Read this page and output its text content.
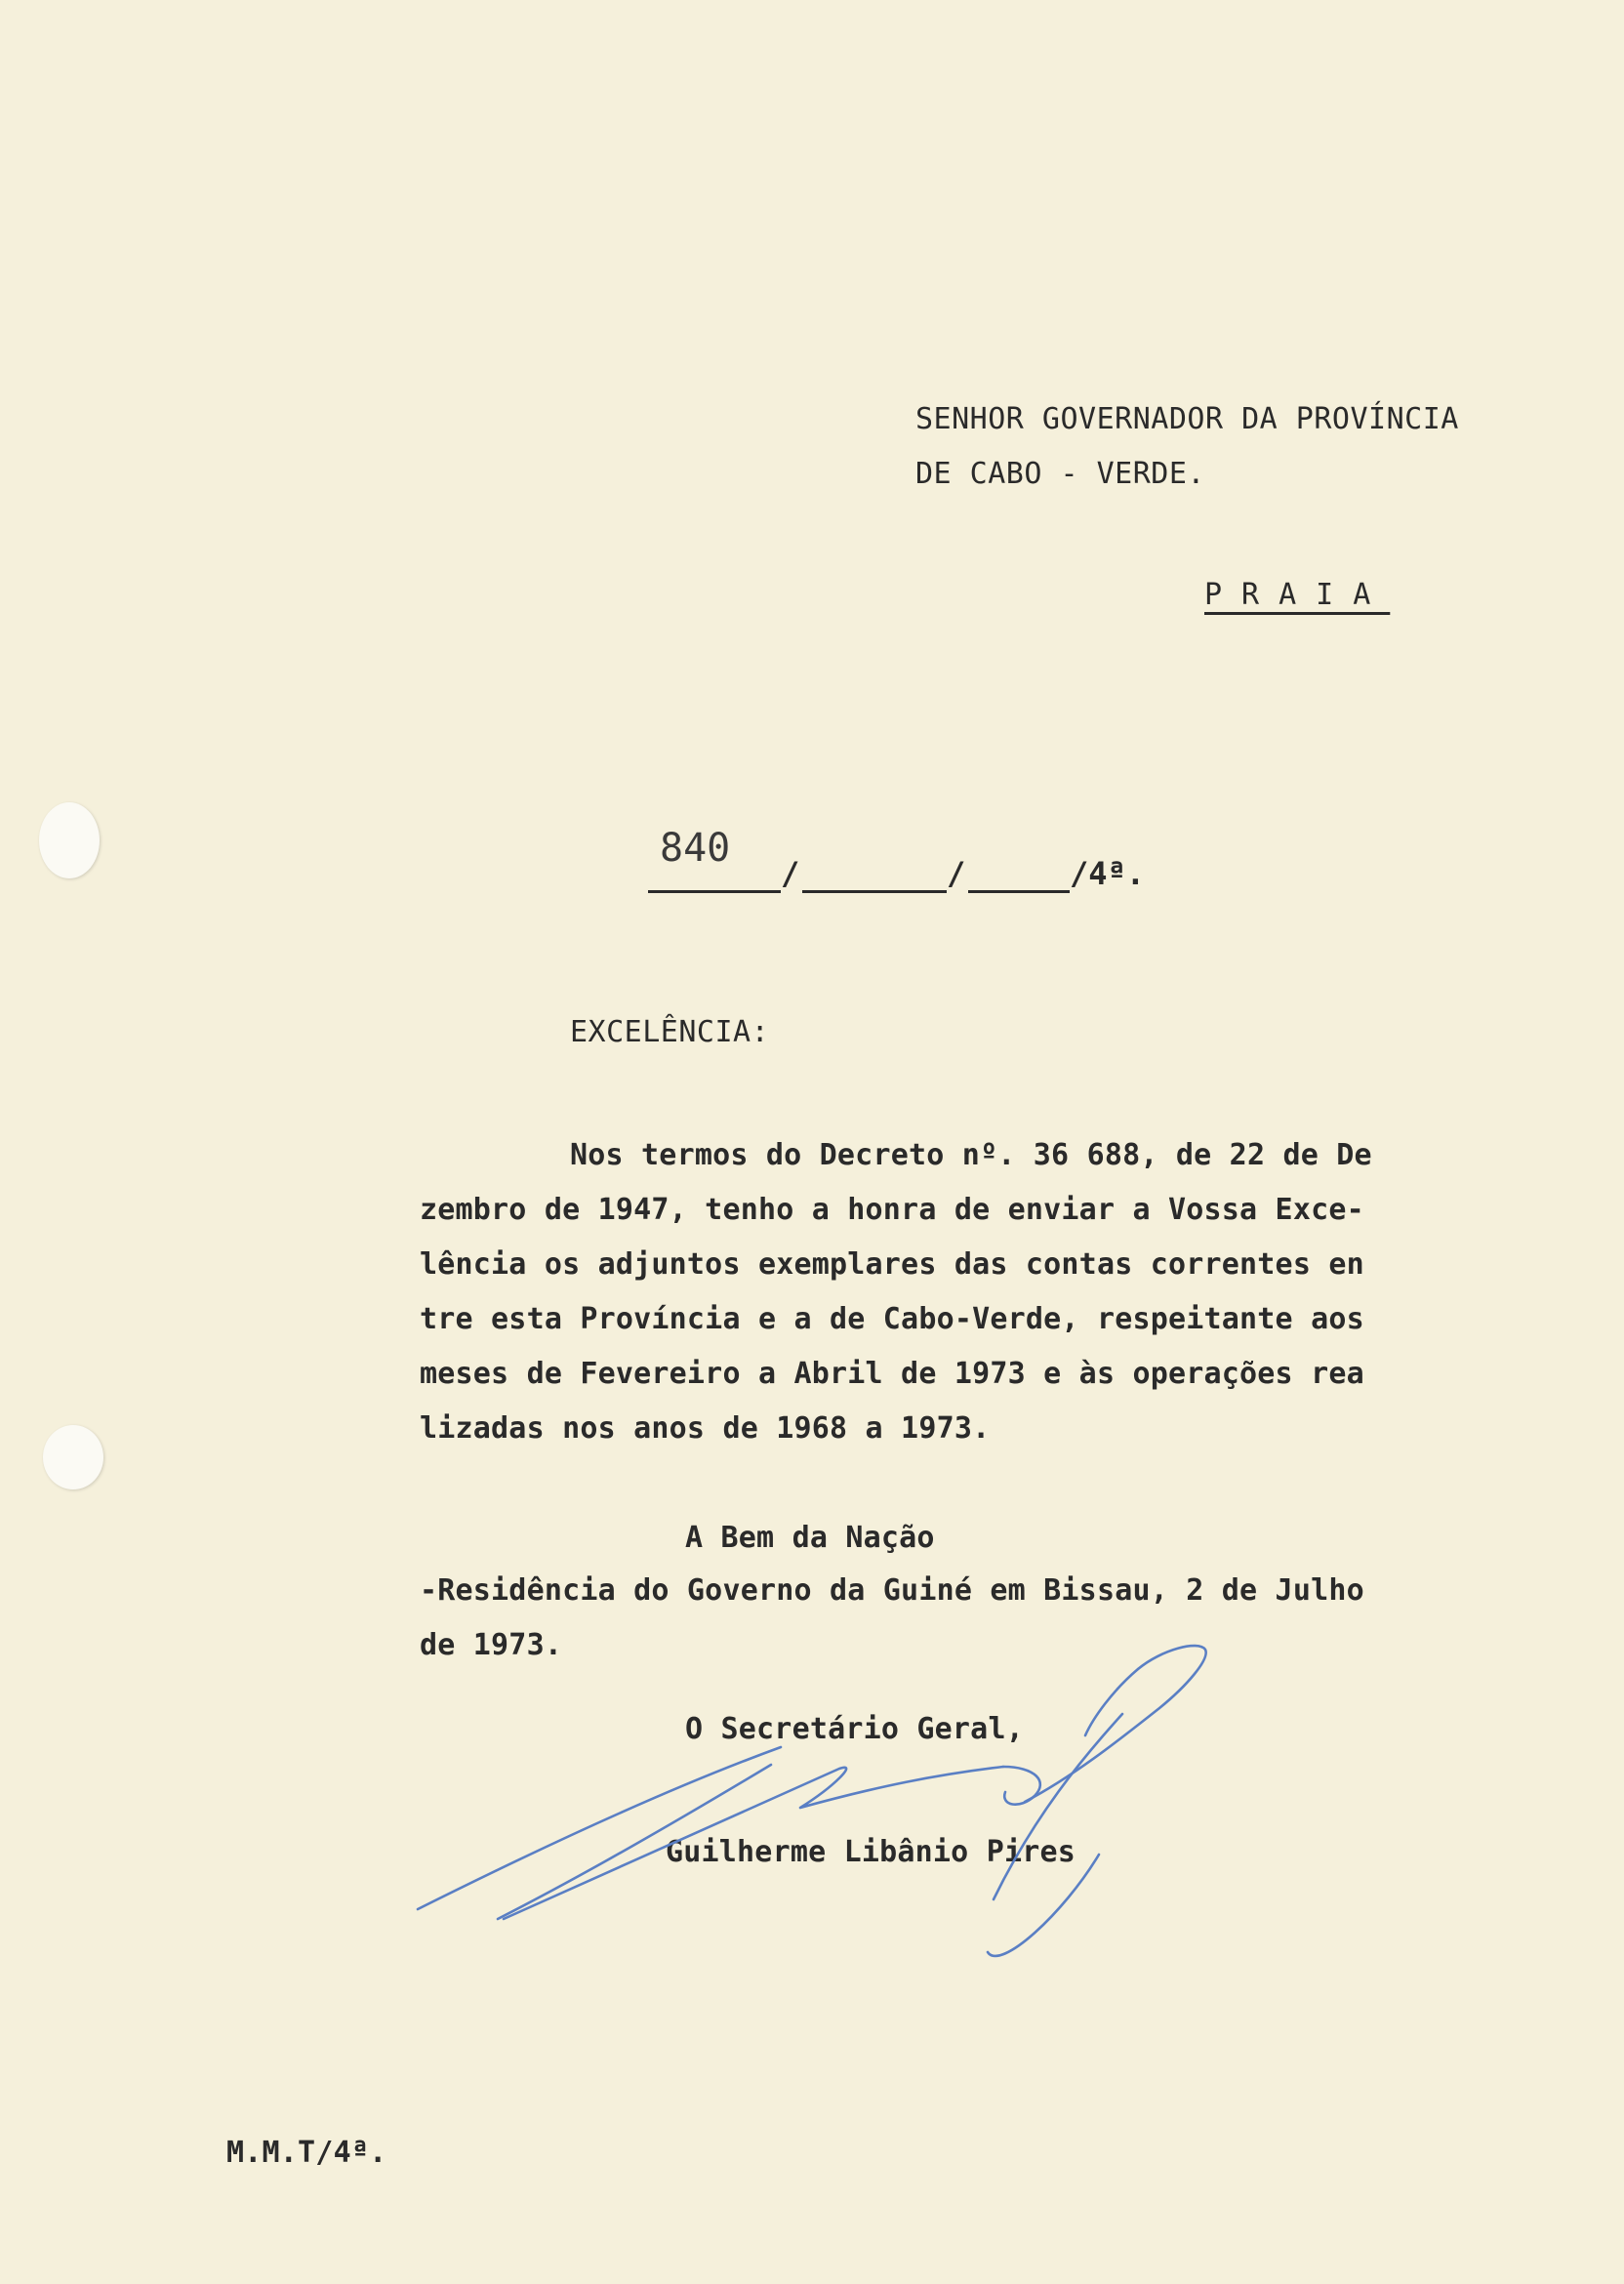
SENHOR GOVERNADOR DA PROVÍNCIA
DE CABO - VERDE.
PRAIA
840
/	/	/4ª.
EXCELÊNCIA:
Nos termos do Decreto nº. 36 688, de 22 de De
zembro de 1947, tenho a honra de enviar a Vossa Exce-
lência os adjuntos exemplares das contas correntes en
tre esta Província e a de Cabo-Verde, respeitante aos
meses de Fevereiro a Abril de 1973 e às operações rea
lizadas nos anos de 1968 a 1973.
A Bem da Nação
-Residência do Governo da Guiné em Bissau, 2 de Julho
de 1973.
O Secretário Geral,
Guilherme Libânio Pires
M.M.T/4ª.
